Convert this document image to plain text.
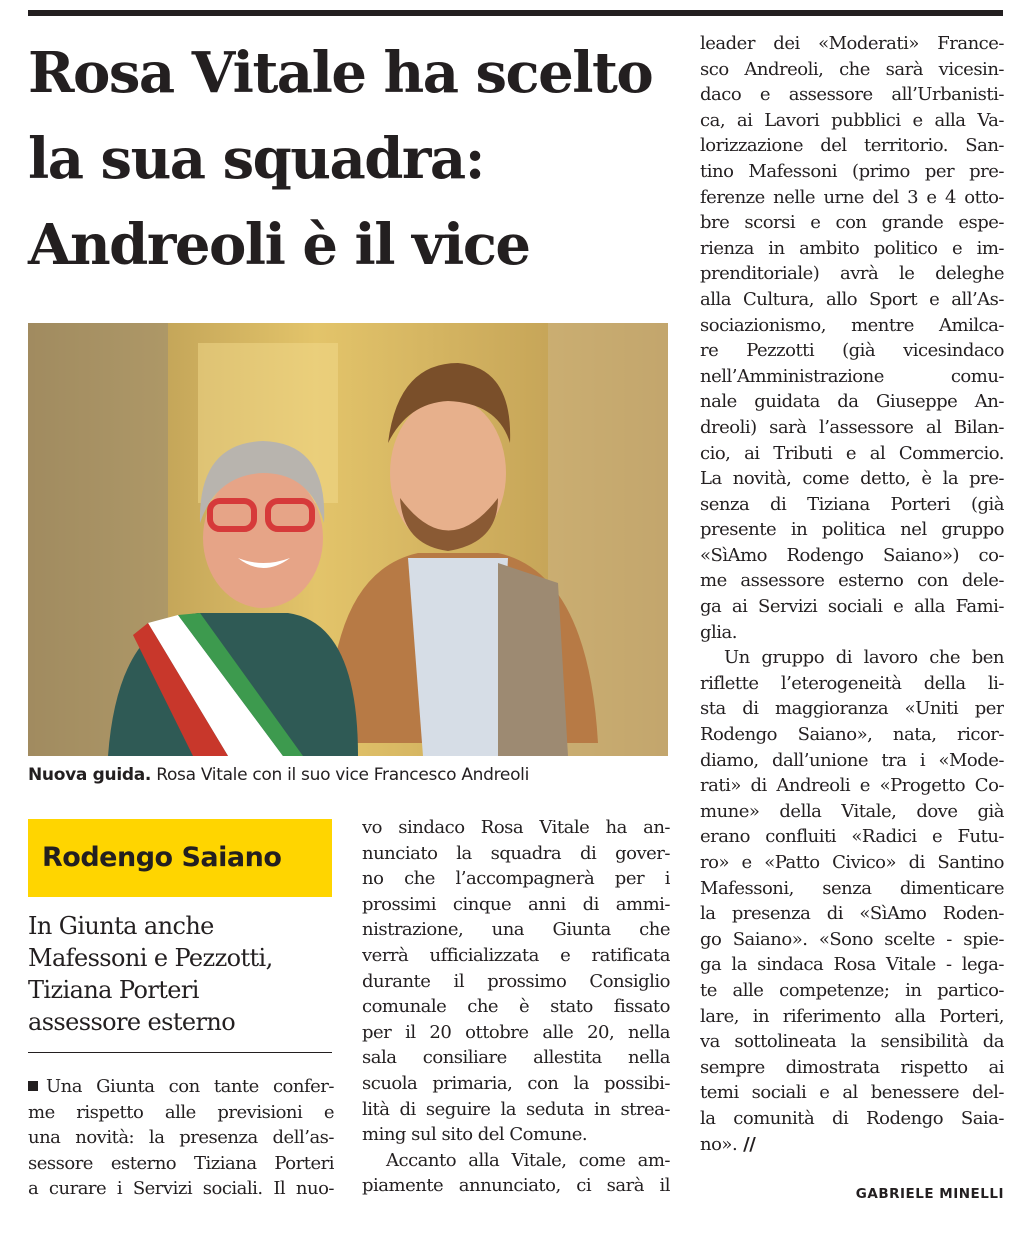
Rosa Vitale ha scelto
la sua squadra:
Andreoli è il vice
Nuova guida. Rosa Vitale con il suo vice Francesco Andreoli
Rodengo Saiano
In Giunta anche
Mafessoni e Pezzotti,
Tiziana Porteri
assessore esterno
Una Giunta con tante confer-
me rispetto alle previsioni e
una novità: la presenza dell’as-
sessore esterno Tiziana Porteri
a curare i Servizi sociali. Il nuo-
vo sindaco Rosa Vitale ha an-
nunciato la squadra di gover-
no che l’accompagnerà per i
prossimi cinque anni di ammi-
nistrazione, una Giunta che
verrà ufficializzata e ratificata
durante il prossimo Consiglio
comunale che è stato fissato
per il 20 ottobre alle 20, nella
sala consiliare allestita nella
scuola primaria, con la possibi-
lità di seguire la seduta in strea-
ming sul sito del Comune.
Accanto alla Vitale, come am-
piamente annunciato, ci sarà il
leader dei «Moderati» France-
sco Andreoli, che sarà vicesin-
daco e assessore all’Urbanisti-
ca, ai Lavori pubblici e alla Va-
lorizzazione del territorio. San-
tino Mafessoni (primo per pre-
ferenze nelle urne del 3 e 4 otto-
bre scorsi e con grande espe-
rienza in ambito politico e im-
prenditoriale) avrà le deleghe
alla Cultura, allo Sport e all’As-
sociazionismo, mentre Amilca-
re Pezzotti (già vicesindaco
nell’Amministrazione comu-
nale guidata da Giuseppe An-
dreoli) sarà l’assessore al Bilan-
cio, ai Tributi e al Commercio.
La novità, come detto, è la pre-
senza di Tiziana Porteri (già
presente in politica nel gruppo
«SìAmo Rodengo Saiano») co-
me assessore esterno con dele-
ga ai Servizi sociali e alla Fami-
glia.
Un gruppo di lavoro che ben
riflette l’eterogeneità della li-
sta di maggioranza «Uniti per
Rodengo Saiano», nata, ricor-
diamo, dall’unione tra i «Mode-
rati» di Andreoli e «Progetto Co-
mune» della Vitale, dove già
erano confluiti «Radici e Futu-
ro» e «Patto Civico» di Santino
Mafessoni, senza dimenticare
la presenza di «SìAmo Roden-
go Saiano». «Sono scelte - spie-
ga la sindaca Rosa Vitale - lega-
te alle competenze; in partico-
lare, in riferimento alla Porteri,
va sottolineata la sensibilità da
sempre dimostrata rispetto ai
temi sociali e al benessere del-
la comunità di Rodengo Saia-
no». //
GABRIELE MINELLI
